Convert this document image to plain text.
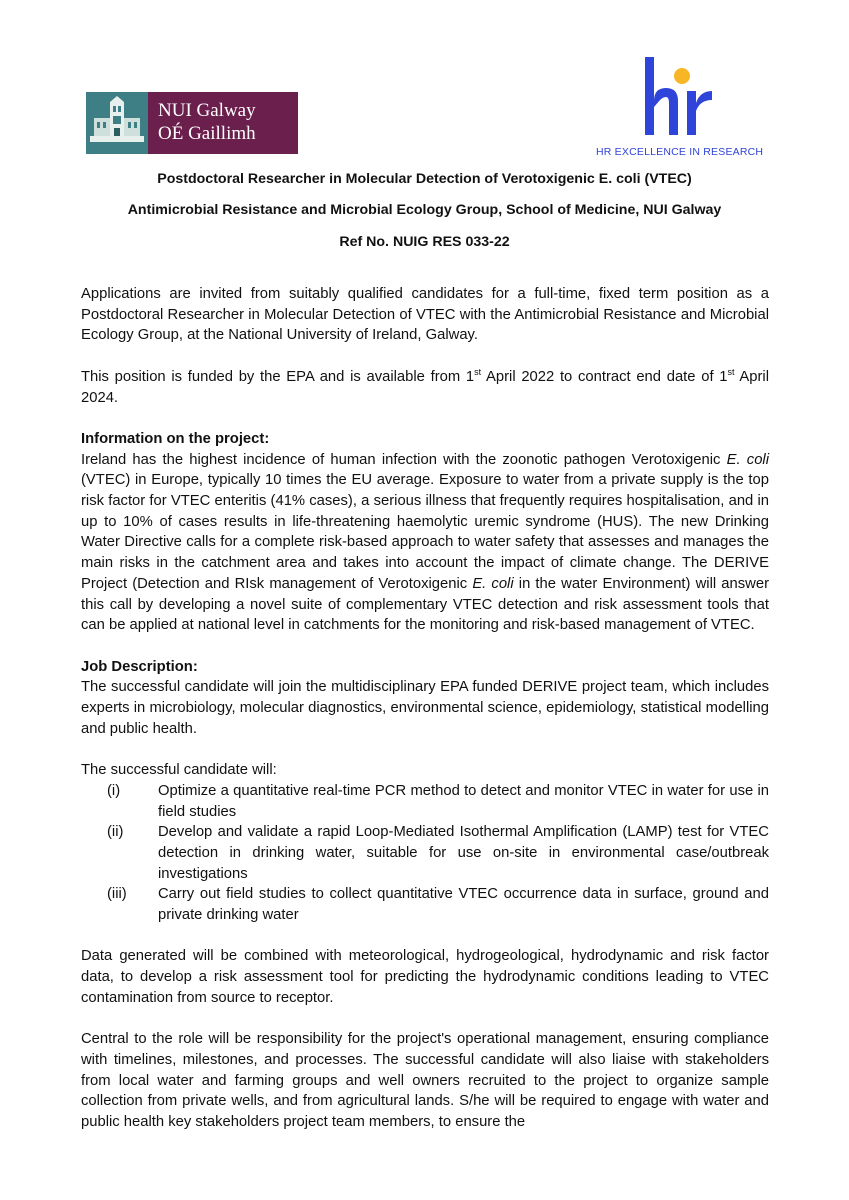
NUI Galway
OÉ Gaillimh
HR EXCELLENCE IN RESEARCH
Postdoctoral Researcher in Molecular Detection of Verotoxigenic E. coli (VTEC)
Antimicrobial Resistance and Microbial Ecology Group, School of Medicine, NUI Galway
Ref No. NUIG RES 033-22

Applications are invited from suitably qualified candidates for a full-time, fixed term position as a Postdoctoral Researcher in Molecular Detection of VTEC with the Antimicrobial Resistance and Microbial Ecology Group, at the National University of Ireland, Galway.

This position is funded by the EPA and is available from 1st April 2022 to contract end date of 1st April 2024.

Information on the project:

Ireland has the highest incidence of human infection with the zoonotic pathogen Verotoxigenic E. coli (VTEC) in Europe, typically 10 times the EU average. Exposure to water from a private supply is the top risk factor for VTEC enteritis (41% cases), a serious illness that frequently requires hospitalisation, and in up to 10% of cases results in life-threatening haemolytic uremic syndrome (HUS). The new Drinking Water Directive calls for a complete risk-based approach to water safety that assesses and manages the main risks in the catchment area and takes into account the impact of climate change. The DERIVE Project (Detection and RIsk management of Verotoxigenic E. coli in the water Environment) will answer this call by developing a novel suite of complementary VTEC detection and risk assessment tools that can be applied at national level in catchments for the monitoring and risk-based management of VTEC.

Job Description:

The successful candidate will join the multidisciplinary EPA funded DERIVE project team, which includes experts in microbiology, molecular diagnostics, environmental science, epidemiology, statistical modelling and public health.

The successful candidate will:

(i)	Optimize a quantitative real-time PCR method to detect and monitor VTEC in water for use in field studies
(ii)	Develop and validate a rapid Loop-Mediated Isothermal Amplification (LAMP) test for VTEC detection in drinking water, suitable for use on-site in environmental case/outbreak investigations
(iii)	Carry out field studies to collect quantitative VTEC occurrence data in surface, ground and private drinking water

Data generated will be combined with meteorological, hydrogeological, hydrodynamic and risk factor data, to develop a risk assessment tool for predicting the hydrodynamic conditions leading to VTEC contamination from source to receptor.

Central to the role will be responsibility for the project's operational management, ensuring compliance with timelines, milestones, and processes. The successful candidate will also liaise with stakeholders from local water and farming groups and well owners recruited to the project to organize sample collection from private wells, and from agricultural lands. S/he will be required to engage with water and public health key stakeholders project team members, to ensure the
